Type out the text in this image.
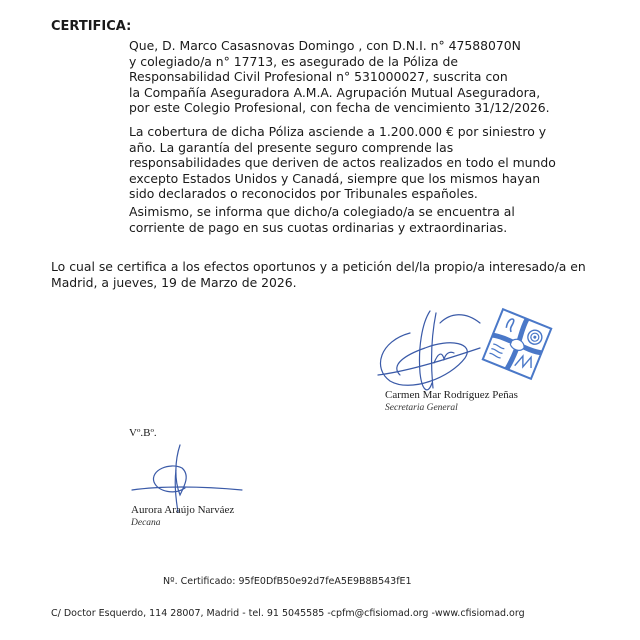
CERTIFICA:
Que, D. Marco Casasnovas Domingo , con D.N.I. n° 47588070N
y colegiado/a n° 17713, es asegurado de la Póliza de
Responsabilidad Civil Profesional n° 531000027, suscrita con
la Compañía Aseguradora A.M.A. Agrupación Mutual Aseguradora,
por este Colegio Profesional, con fecha de vencimiento 31/12/2026.
La cobertura de dicha Póliza asciende a 1.200.000 € por siniestro y
año. La garantía del presente seguro comprende las
responsabilidades que deriven de actos realizados en todo el mundo
excepto Estados Unidos y Canadá, siempre que los mismos hayan
sido declarados o reconocidos por Tribunales españoles.
Asimismo, se informa que dicho/a colegiado/a se encuentra al
corriente de pago en sus cuotas ordinarias y extraordinarias.
Lo cual se certifica a los efectos oportunos y a petición del/la propio/a interesado/a en
Madrid, a jueves, 19 de Marzo de 2026.
Carmen Mar Rodríguez Peñas
Secretaria General
Vº.Bº.
Aurora Araújo Narváez
Decana
Nº. Certificado: 95fE0DfB50e92d7feA5E9B8B543fE1
C/ Doctor Esquerdo, 114 28007, Madrid - tel. 91 5045585 -cpfm@cfisiomad.org -www.cfisiomad.org
